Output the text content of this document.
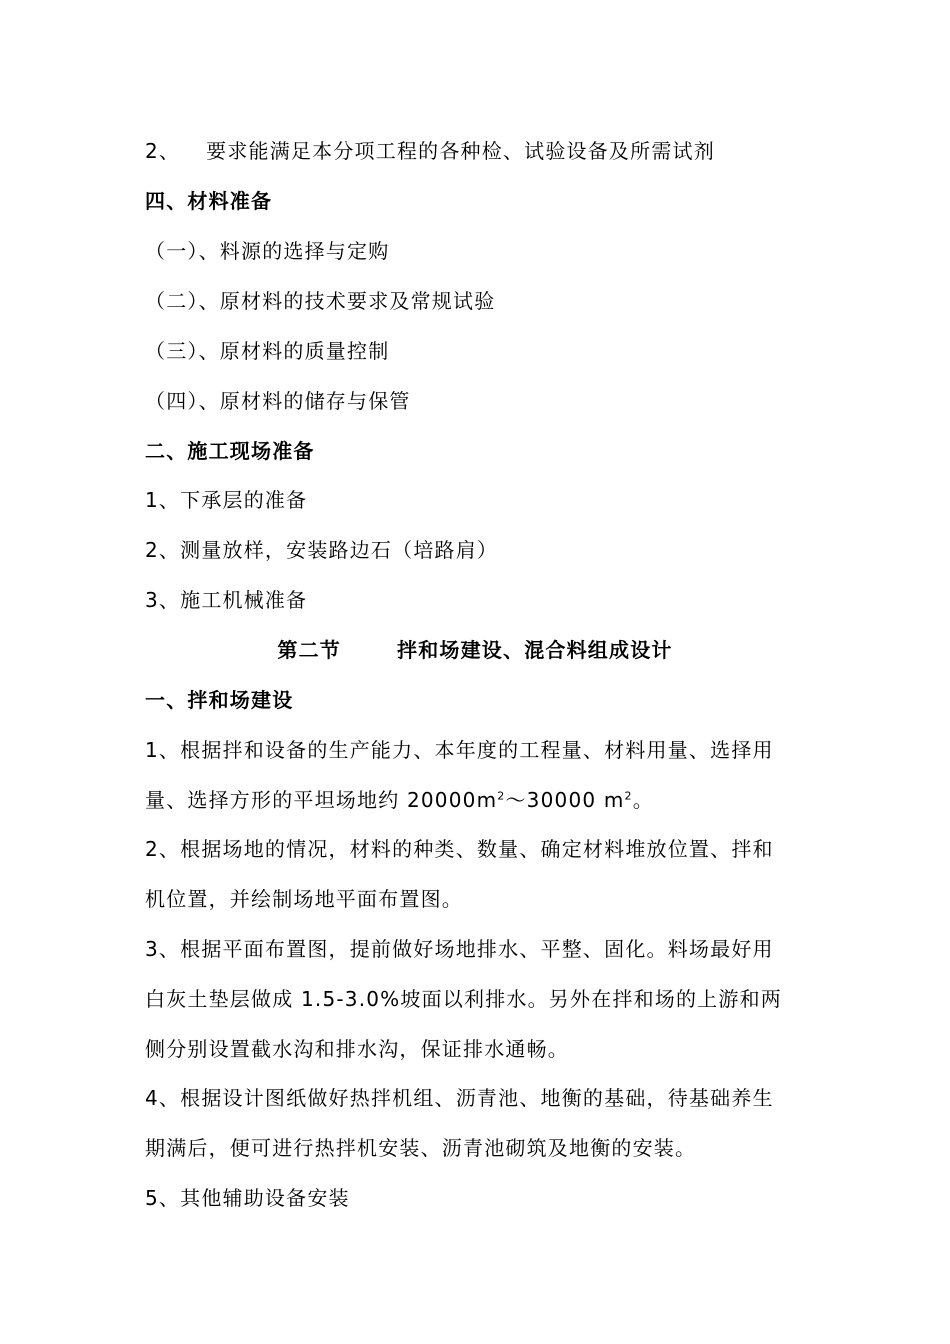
2、 要求能满足本分项工程的各种检、试验设备及所需试剂
四、材料准备
（一）、料源的选择与定购
（二）、原材料的技术要求及常规试验
（三）、原材料的质量控制
（四）、原材料的储存与保管
二、施工现场准备
1、下承层的准备
2、测量放样，安装路边石（培路肩）
3、施工机械准备
第二节	拌和场建设、混合料组成设计
一、拌和场建设
1、根据拌和设备的生产能力、本年度的工程量、材料用量、选择用
量、选择方形的平坦场地约 $20000m^2\sim 30000$ $m^2$。
2、根据场地的情况，材料的种类、数量、确定材料堆放位置、拌和
机位置，并绘制场地平面布置图。
3、根据平面布置图，提前做好场地排水、平整、固化。料场最好用
白灰土垫层做成 1.5-3.0%坡面以利排水。另外在拌和场的上游和两
侧分别设置截水沟和排水沟，保证排水通畅。
4、根据设计图纸做好热拌机组、沥青池、地衡的基础，待基础养生
期满后，便可进行热拌机安装、沥青池砌筑及地衡的安装。
5、其他辅助设备安装
